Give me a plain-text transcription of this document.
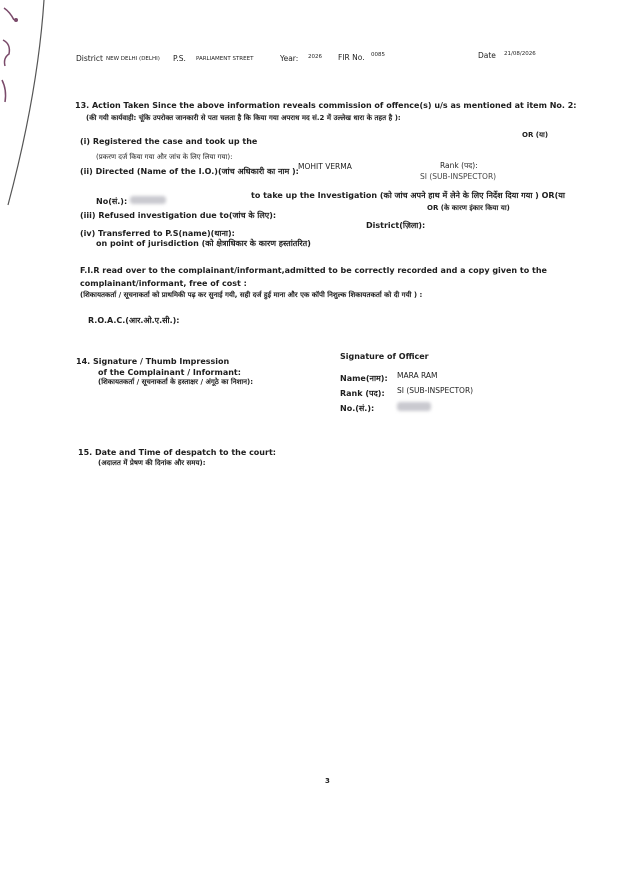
District NEW DELHI (DELHI) P.S. PARLIAMENT STREET	Year: 2026 FIR No. 0085	Date 21/08/2026
13. Action Taken Since the above information reveals commission of offence(s) u/s as mentioned at item No. 2:
(की गयी कार्यवाही: चूंकि उपरोक्त जानकारी से पता चलता है कि किया गया अपराध मद सं.2 में उल्लेख धारा के तहत है ):
OR (या)
(i) Registered the case and took up the
(प्रकरण दर्ज किया गया और जांच के लिए लिया गया):
(ii) Directed (Name of the I.O.)(जांच अधिकारी का नाम ):
MOHIT VERMA	Rank (पद):
SI (SUB-INSPECTOR)
No(सं.):
to take up the Investigation (को जांच अपने हाथ में लेने के लिए निर्देश दिया गया ) OR(या
OR (के कारण इंकार किया या)
(iii) Refused investigation due to(जांच के लिए):
District(ज़िला):
(iv) Transferred to P.S(name)(थाना):
on point of jurisdiction (को क्षेत्राधिकार के कारण हस्तांतरित)
F.I.R read over to the complainant/informant,admitted to be correctly recorded and a copy given to the
complainant/informant, free of cost :
(शिकायतकर्ता / सूचनाकर्ता को प्राथमिकी पढ़ कर सुनाई गयी, सही दर्ज हुई माना और एक कॉपी निशुल्क शिकायतकर्ता को दी गयी ) :
R.O.A.C.(आर.ओ.ए.सी.):
14. Signature / Thumb Impression
of the Complainant / Informant:
(शिकायतकर्ता / सूचनाकर्ता के हस्ताक्षर / अंगूठे का निशान):
Signature of Officer
Name(नाम): MARA RAM
Rank (पद): SI (SUB-INSPECTOR)
No.(सं.):
15. Date and Time of despatch to the court:
(अदालत में प्रेषण की दिनांक और समय):
3
